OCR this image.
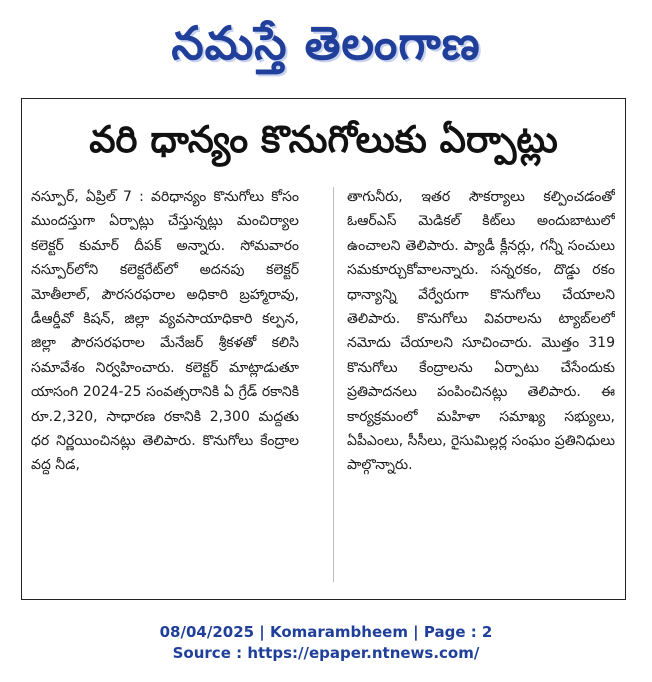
నమస్తే తెలంగాణ
వరి ధాన్యం కొనుగోలుకు ఏర్పాట్లు
నస్పూర్‌, ఏప్రిల్‌ 7 : వరిధాన్యం కొనుగోలు కోసం ముందస్తుగా ఏర్పాట్లు చేస్తున్నట్లు మంచిర్యాల కలెక్టర్‌ కుమార్‌ దీపక్‌ అన్నారు. సోమవారం నస్పూర్‌లోని కలెక్టరేట్‌లో అదనపు కలెక్టర్‌ మోతీలాల్‌, పౌరసరఫరాల అధికారి బ్రహ్మారావు, డీఆర్డీవో కిషన్‌, జిల్లా వ్యవసాయాధికారి కల్పన, జిల్లా పౌరసరఫరాల మేనేజర్‌ శ్రీకళతో కలిసి సమావేశం నిర్వహించారు. కలెక్టర్‌ మాట్లాడుతూ యాసంగి 2024-25 సంవత్సరానికి ఏ గ్రేడ్‌ రకానికి రూ.2,320, సాధారణ రకానికి 2,300 మద్దతు ధర నిర్ణయించినట్లు తెలిపారు. కొనుగోలు కేంద్రాల వద్ద నీడ,
తాగునీరు, ఇతర సౌకర్యాలు కల్పించడంతో ఓఆర్‌ఎస్‌ మెడికల్‌ కిట్‌లు అందుబాటులో ఉంచాలని తెలిపారు. ప్యాడీ క్లీనర్లు, గన్నీ సంచులు సమకూర్చుకోవాలన్నారు. సన్నరకం, దొడ్డు రకం ధాన్యాన్ని వేర్వేరుగా కొనుగోలు చేయాలని తెలిపారు. కొనుగోలు వివరాలను ట్యాబ్‌లలో నమోదు చేయాలని సూచించారు. మొత్తం 319 కొనుగోలు కేంద్రాలను ఏర్పాటు చేసేందుకు ప్రతిపాదనలు పంపించినట్లు తెలిపారు. ఈ కార్యక్రమంలో మహిళా సమాఖ్య సభ్యులు, ఏపీఎంలు, సీసీలు, రైసుమిల్లర్ల సంఘం ప్రతినిధులు పాల్గొన్నారు.
08/04/2025 | Komarambheem | Page : 2
Source : https://epaper.ntnews.com/
